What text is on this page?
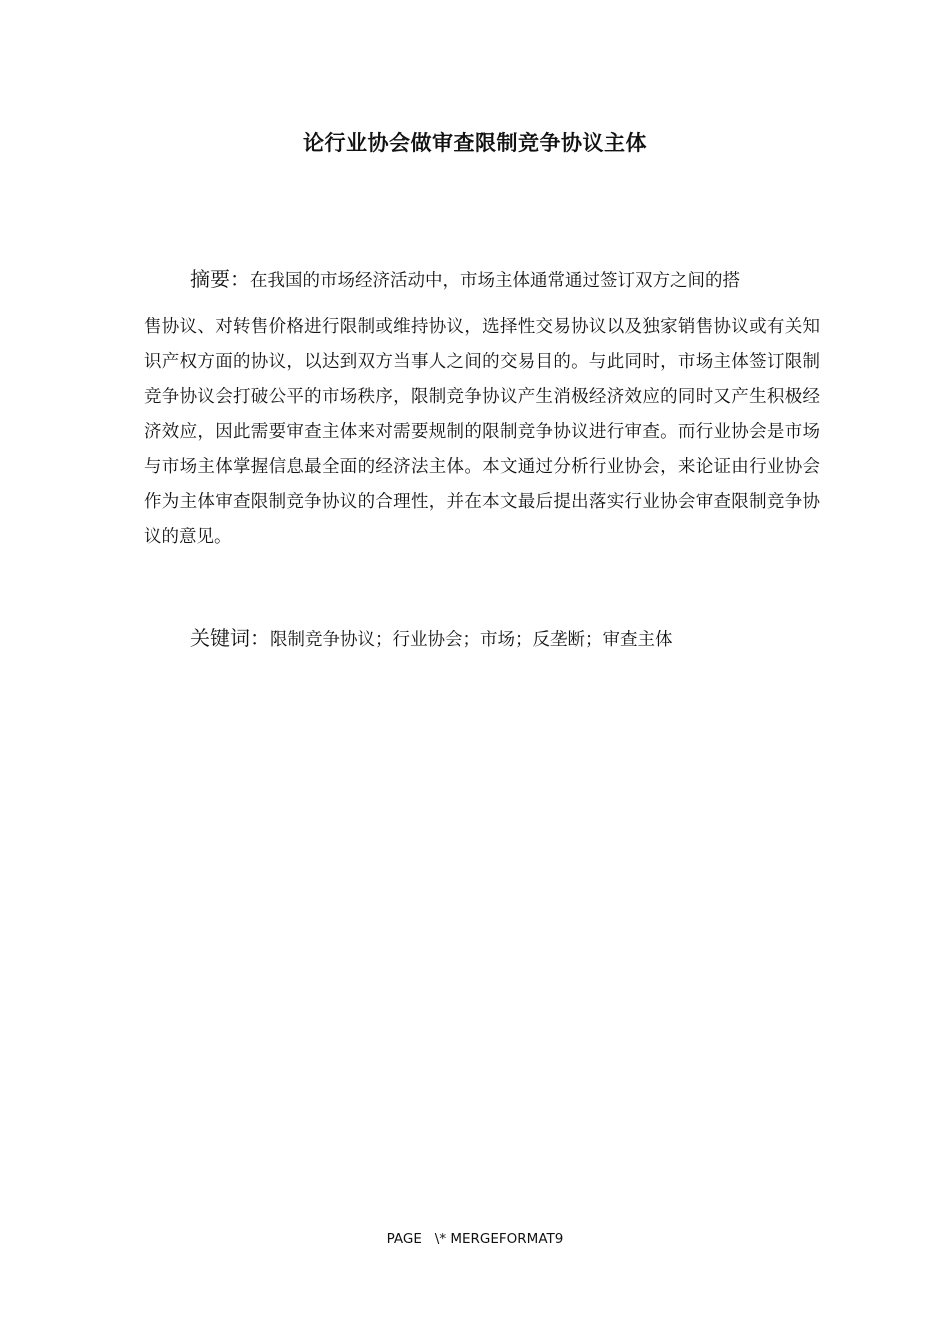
论行业协会做审查限制竞争协议主体
摘要：在我国的市场经济活动中，市场主体通常通过签订双方之间的搭
售协议、对转售价格进行限制或维持协议，选择性交易协议以及独家销售协议或有关知识产权方面的协议，以达到双方当事人之间的交易目的。与此同时，市场主体签订限制竞争协议会打破公平的市场秩序，限制竞争协议产生消极经济效应的同时又产生积极经济效应，因此需要审查主体来对需要规制的限制竞争协议进行审查。而行业协会是市场与市场主体掌握信息最全面的经济法主体。本文通过分析行业协会，来论证由行业协会作为主体审查限制竞争协议的合理性，并在本文最后提出落实行业协会审查限制竞争协议的意见。
关键词：限制竞争协议；行业协会；市场；反垄断；审查主体
PAGE   \* MERGEFORMAT9
